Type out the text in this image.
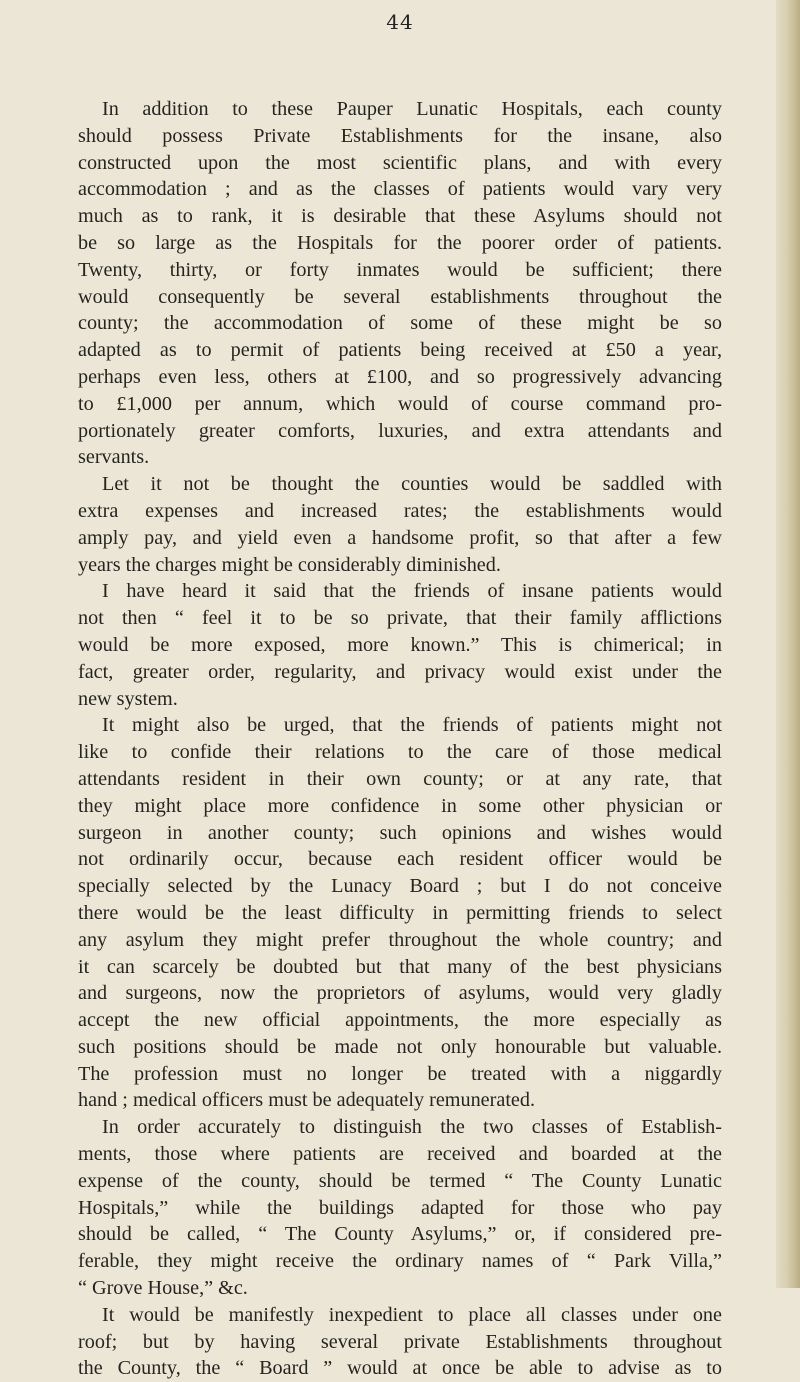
44
In addition to these Pauper Lunatic Hospitals, each county
should possess Private Establishments for the insane, also
constructed upon the most scientific plans, and with every
accommodation ; and as the classes of patients would vary very
much as to rank, it is desirable that these Asylums should not
be so large as the Hospitals for the poorer order of patients.
Twenty, thirty, or forty inmates would be sufficient; there
would consequently be several establishments throughout the
county; the accommodation of some of these might be so
adapted as to permit of patients being received at £50 a year,
perhaps even less, others at £100, and so progressively advancing
to £1,000 per annum, which would of course command pro-
portionately greater comforts, luxuries, and extra attendants and
servants.
Let it not be thought the counties would be saddled with
extra expenses and increased rates; the establishments would
amply pay, and yield even a handsome profit, so that after a few
years the charges might be considerably diminished.
I have heard it said that the friends of insane patients would
not then “ feel it to be so private, that their family afflictions
would be more exposed, more known.” This is chimerical; in
fact, greater order, regularity, and privacy would exist under the
new system.
It might also be urged, that the friends of patients might not
like to confide their relations to the care of those medical
attendants resident in their own county; or at any rate, that
they might place more confidence in some other physician or
surgeon in another county; such opinions and wishes would
not ordinarily occur, because each resident officer would be
specially selected by the Lunacy Board ; but I do not conceive
there would be the least difficulty in permitting friends to select
any asylum they might prefer throughout the whole country; and
it can scarcely be doubted but that many of the best physicians
and surgeons, now the proprietors of asylums, would very gladly
accept the new official appointments, the more especially as
such positions should be made not only honourable but valuable.
The profession must no longer be treated with a niggardly
hand ; medical officers must be adequately remunerated.
In order accurately to distinguish the two classes of Establish-
ments, those where patients are received and boarded at the
expense of the county, should be termed “ The County Lunatic
Hospitals,” while the buildings adapted for those who pay
should be called, “ The County Asylums,” or, if considered pre-
ferable, they might receive the ordinary names of “ Park Villa,”
“ Grove House,” &c.
It would be manifestly inexpedient to place all classes under one
roof; but by having several private Establishments throughout
the County, the “ Board ” would at once be able to advise as to
